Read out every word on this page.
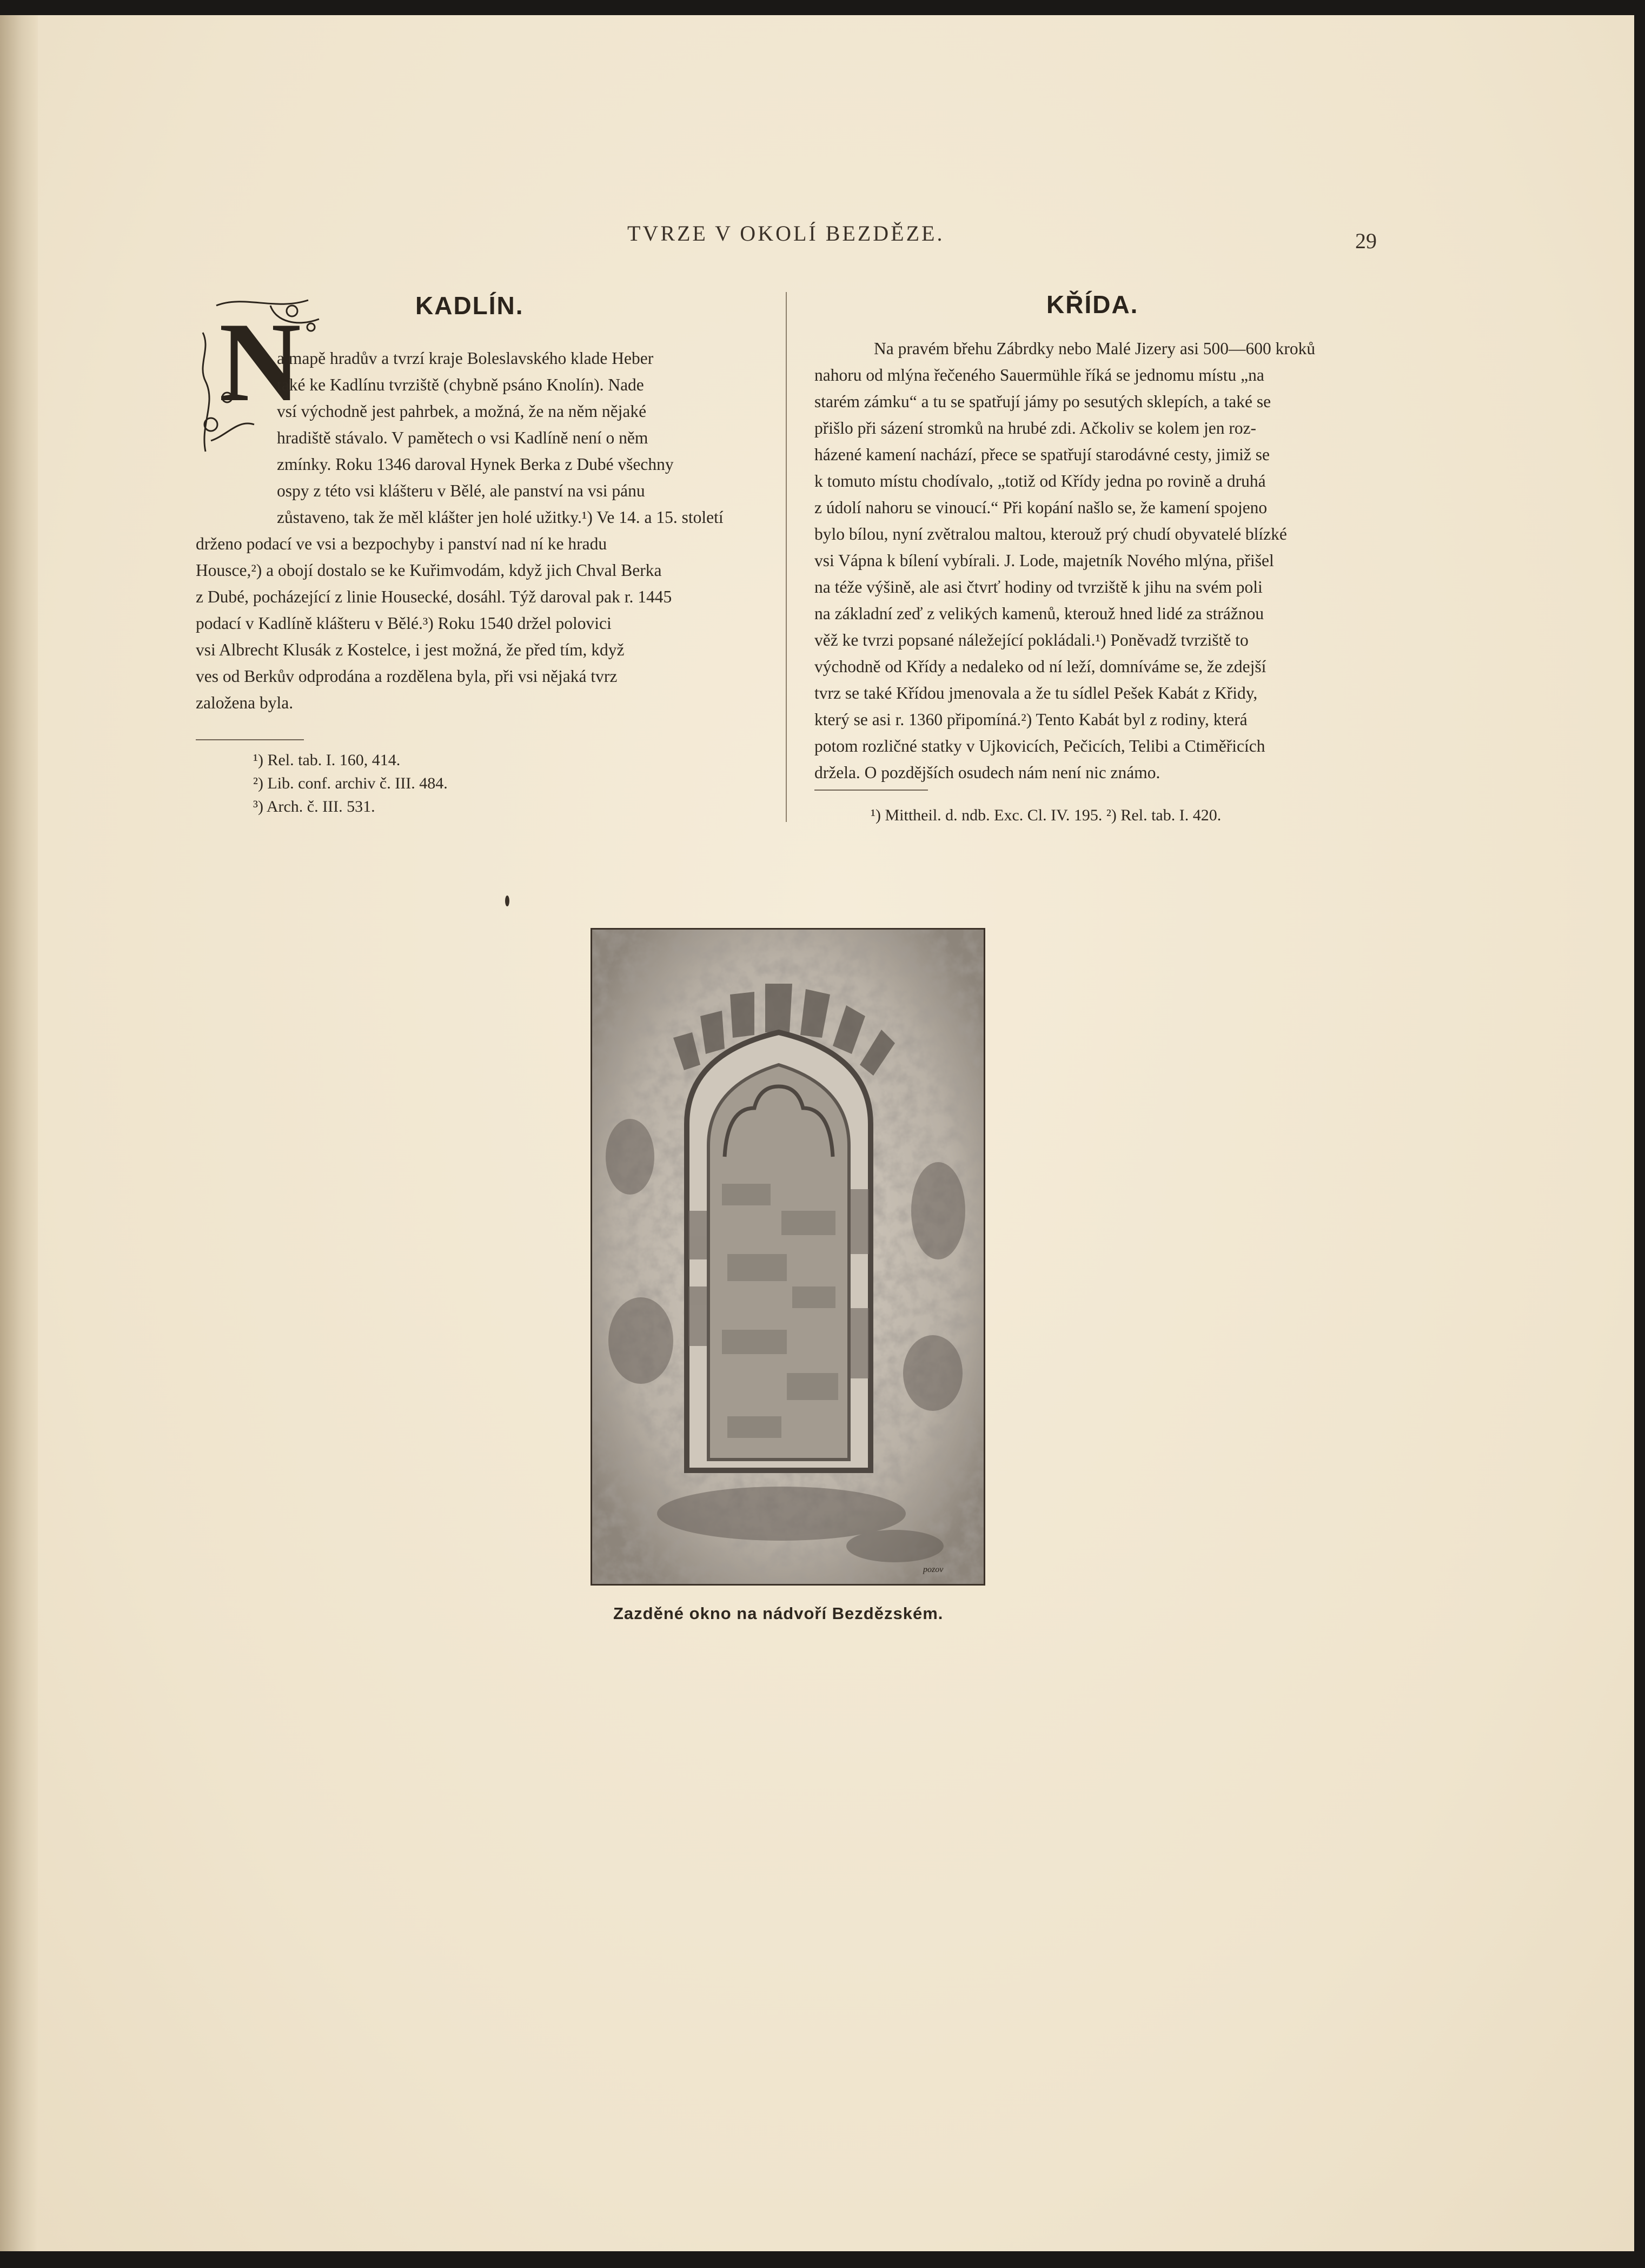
TVRZE V OKOLÍ BEZDĚZE.	29
KADLÍN.
N
a mapě hradův a tvrzí kraje Boleslavského klade Heber
také ke Kadlínu tvrziště (chybně psáno Knolín). Nade
vsí východně jest pahrbek, a možná, že na něm nějaké
hradiště stávalo. V pamětech o vsi Kadlíně není o něm
zmínky. Roku 1346 daroval Hynek Berka z Dubé všechny
ospy z této vsi klášteru v Bělé, ale panství na vsi pánu
zůstaveno, tak že měl klášter jen holé užitky.¹) Ve 14. a 15. století
drženo podací ve vsi a bezpochyby i panství nad ní ke hradu
Housce,²) a obojí dostalo se ke Kuřimvodám, když jich Chval Berka
z Dubé, pocházející z linie Housecké, dosáhl. Týž daroval pak r. 1445
podací v Kadlíně klášteru v Bělé.³) Roku 1540 držel polovici
vsi Albrecht Klusák z Kostelce, i jest možná, že před tím, když
ves od Berkův odprodána a rozdělena byla, při vsi nějaká tvrz
založena byla.
¹) Rel. tab. I. 160, 414.
²) Lib. conf. archiv č. III. 484.
³) Arch. č. III. 531.
KŘÍDA.
Na pravém břehu Zábrdky nebo Malé Jizery asi 500—600 kroků
nahoru od mlýna řečeného Sauermühle říká se jednomu místu „na
starém zámku“ a tu se spatřují jámy po sesutých sklepích, a také se
přišlo při sázení stromků na hrubé zdi. Ačkoliv se kolem jen roz-
házené kamení nachází, přece se spatřují starodávné cesty, jimiž se
k tomuto místu chodívalo, „totiž od Křídy jedna po rovině a druhá
z údolí nahoru se vinoucí.“ Při kopání našlo se, že kamení spojeno
bylo bílou, nyní zvětralou maltou, kterouž prý chudí obyvatelé blízké
vsi Vápna k bílení vybírali. J. Lode, majetník Nového mlýna, přišel
na téže výšině, ale asi čtvrť hodiny od tvrziště k jihu na svém poli
na základní zeď z velikých kamenů, kterouž hned lidé za strážnou
věž ke tvrzi popsané náležející pokládali.¹) Poněvadž tvrziště to
východně od Křídy a nedaleko od ní leží, domníváme se, že zdejší
tvrz se také Křídou jmenovala a že tu sídlel Pešek Kabát z Křidy,
který se asi r. 1360 připomíná.²) Tento Kabát byl z rodiny, která
potom rozličné statky v Ujkovicích, Pečicích, Telibi a Ctiměřicích
držela. O pozdějších osudech nám není nic známo.
¹) Mittheil. d. ndb. Exc. Cl. IV. 195. ²) Rel. tab. I. 420.
pozov
Zazděné okno na nádvoří Bezdězském.
